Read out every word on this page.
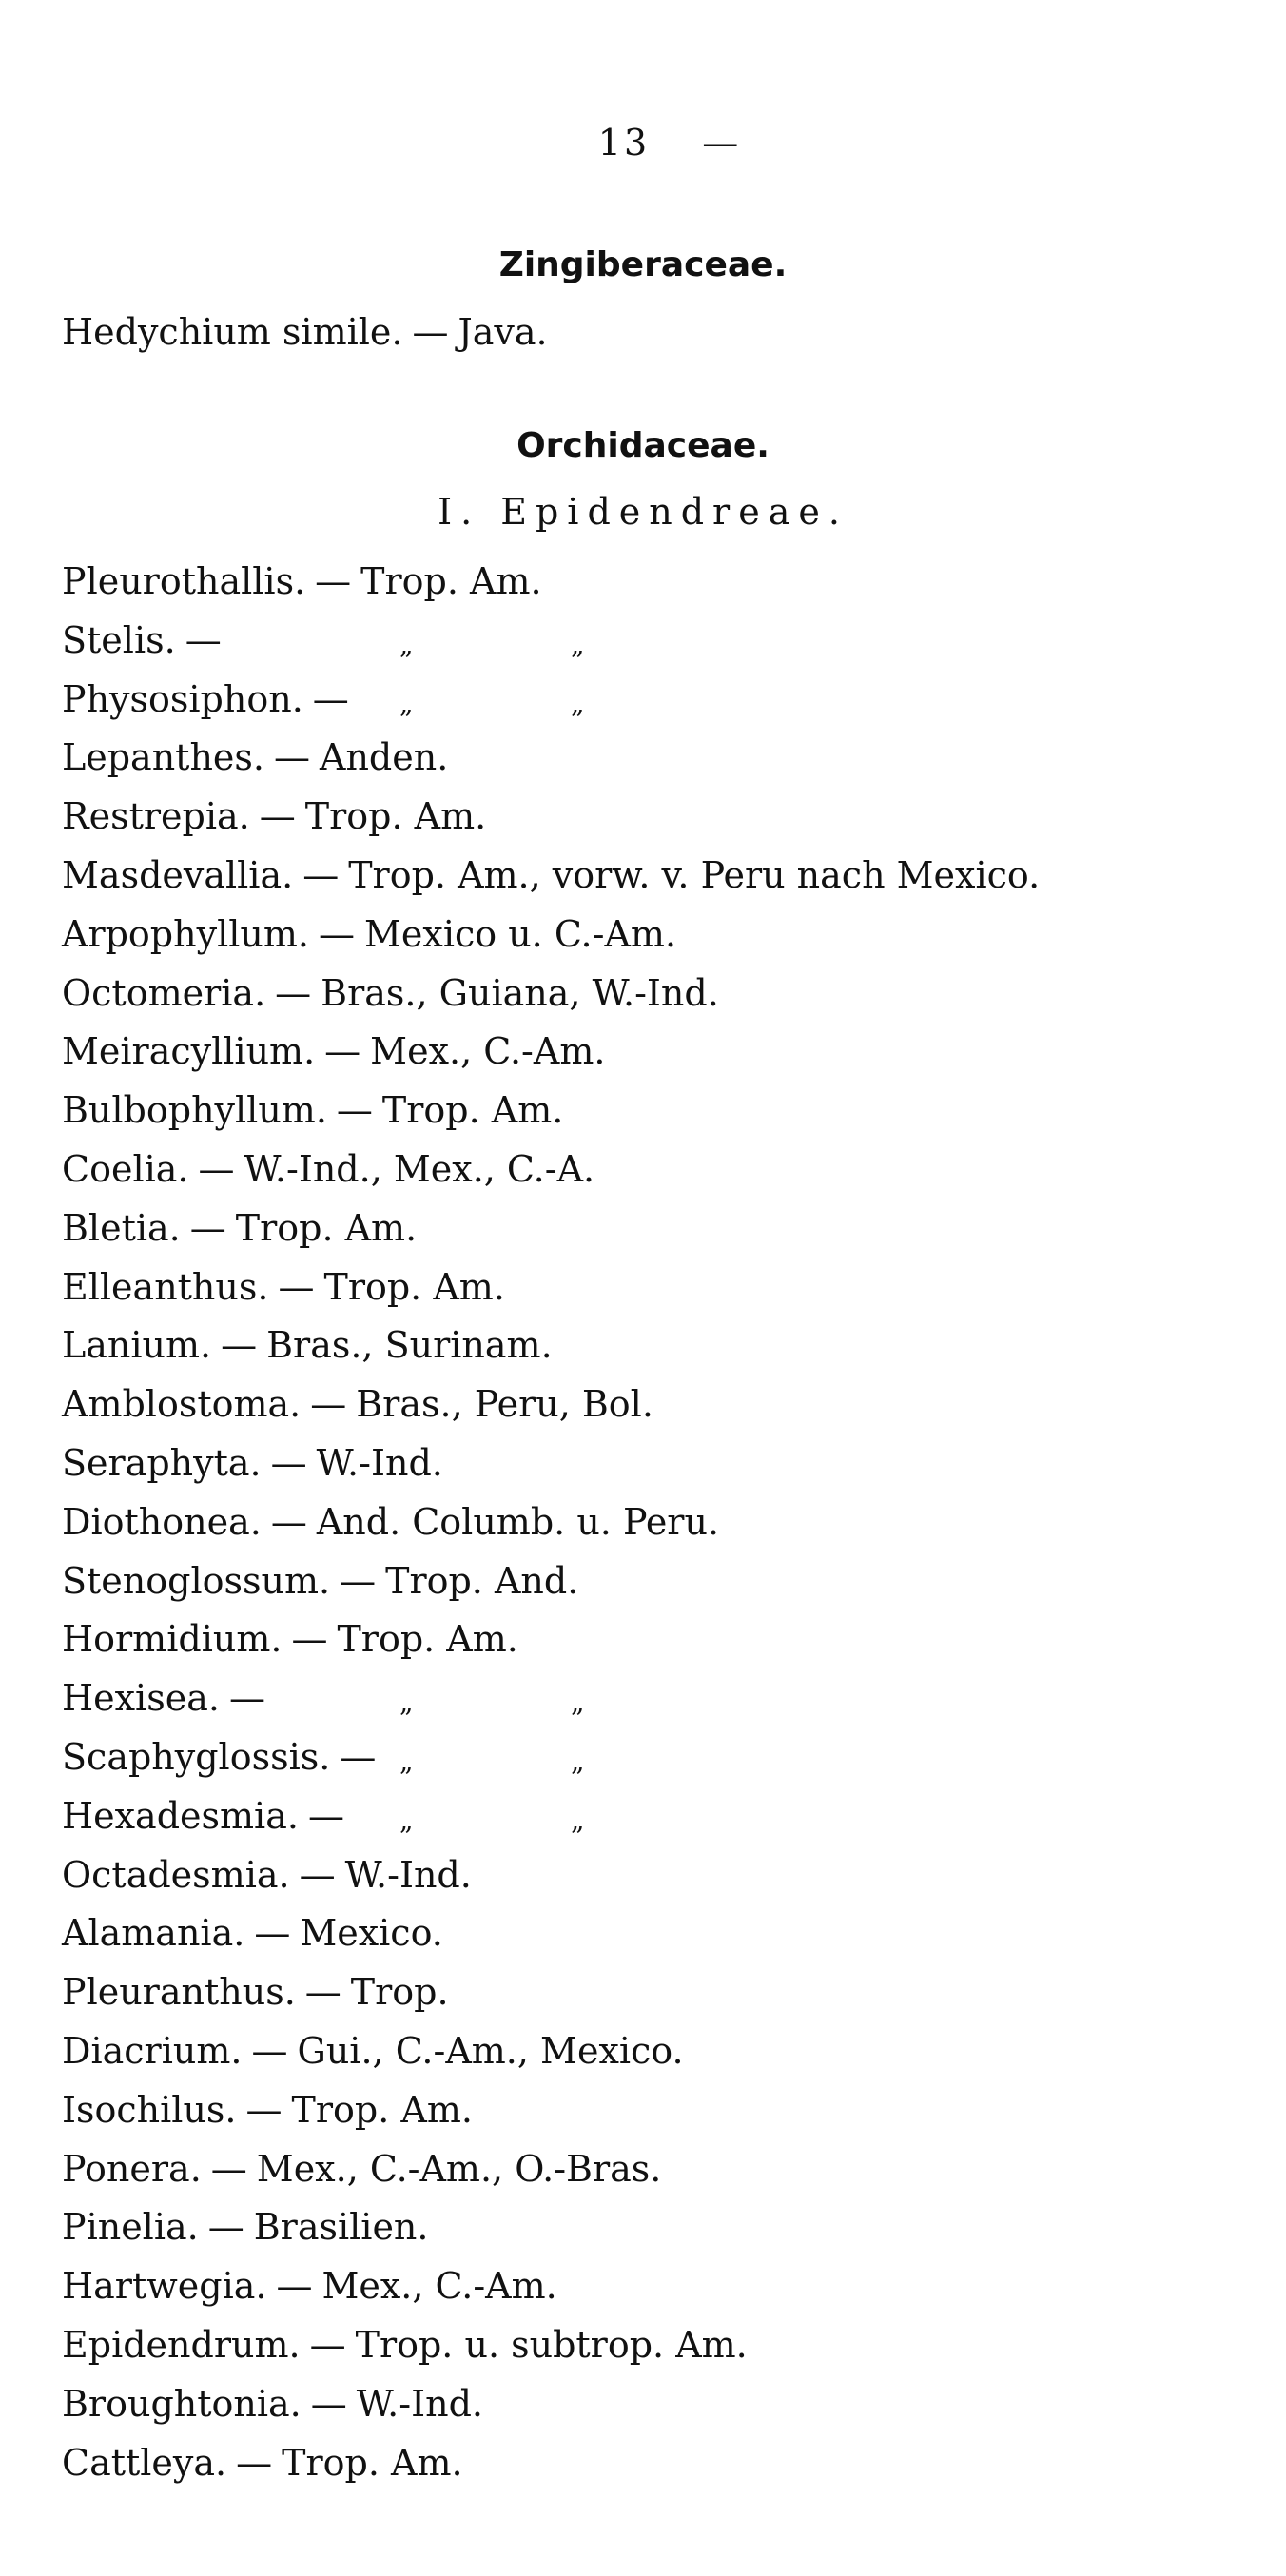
13 —
Zingiberaceae.
Hedychium simile. — Java.
Orchidaceae.
I. Epidendreae.
Pleurothallis. — Trop. Am.
Stelis. —	„	„
Physosiphon. — „	„
Lepanthes. — Anden.
Restrepia. — Trop. Am.
Masdevallia. — Trop. Am., vorw. v. Peru nach Mexico.
Arpophyllum. — Mexico u. C.-Am.
Octomeria. — Bras., Guiana, W.-Ind.
Meiracyllium. — Mex., C.-Am.
Bulbophyllum. — Trop. Am.
Coelia. — W.-Ind., Mex., C.-A.
Bletia. — Trop. Am.
Elleanthus. — Trop. Am.
Lanium. — Bras., Surinam.
Amblostoma. — Bras., Peru, Bol.
Seraphyta. — W.-Ind.
Diothonea. — And. Columb. u. Peru.
Stenoglossum. — Trop. And.
Hormidium. — Trop. Am.
Hexisea. —	„	„
Scaphyglossis. — „	„
Hexadesmia. — „	„
Octadesmia. — W.-Ind.
Alamania. — Mexico.
Pleuranthus. — Trop.
Diacrium. — Gui., C.-Am., Mexico.
Isochilus. — Trop. Am.
Ponera. — Mex., C.-Am., O.-Bras.
Pinelia. — Brasilien.
Hartwegia. — Mex., C.-Am.
Epidendrum. — Trop. u. subtrop. Am.
Broughtonia. — W.-Ind.
Cattleya. — Trop. Am.
